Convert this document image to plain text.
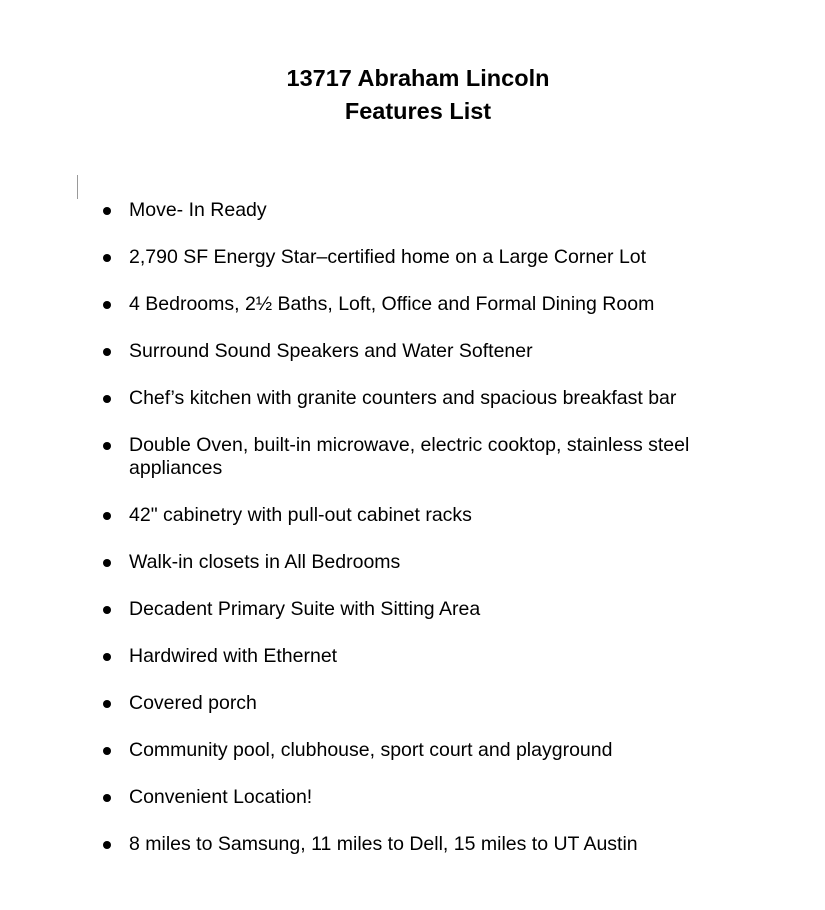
13717 Abraham Lincoln
Features List
Move- In Ready
2,790 SF Energy Star–certified home on a Large Corner Lot
4 Bedrooms, 2½ Baths, Loft, Office and Formal Dining Room
Surround Sound Speakers and Water Softener
Chef’s kitchen with granite counters and spacious breakfast bar
Double Oven, built-in microwave, electric cooktop, stainless steel appliances
42" cabinetry with pull-out cabinet racks
Walk-in closets in All Bedrooms
Decadent Primary Suite with Sitting Area
Hardwired with Ethernet
Covered porch
Community pool, clubhouse, sport court and playground
Convenient Location!
8 miles to Samsung, 11 miles to Dell, 15 miles to UT Austin
